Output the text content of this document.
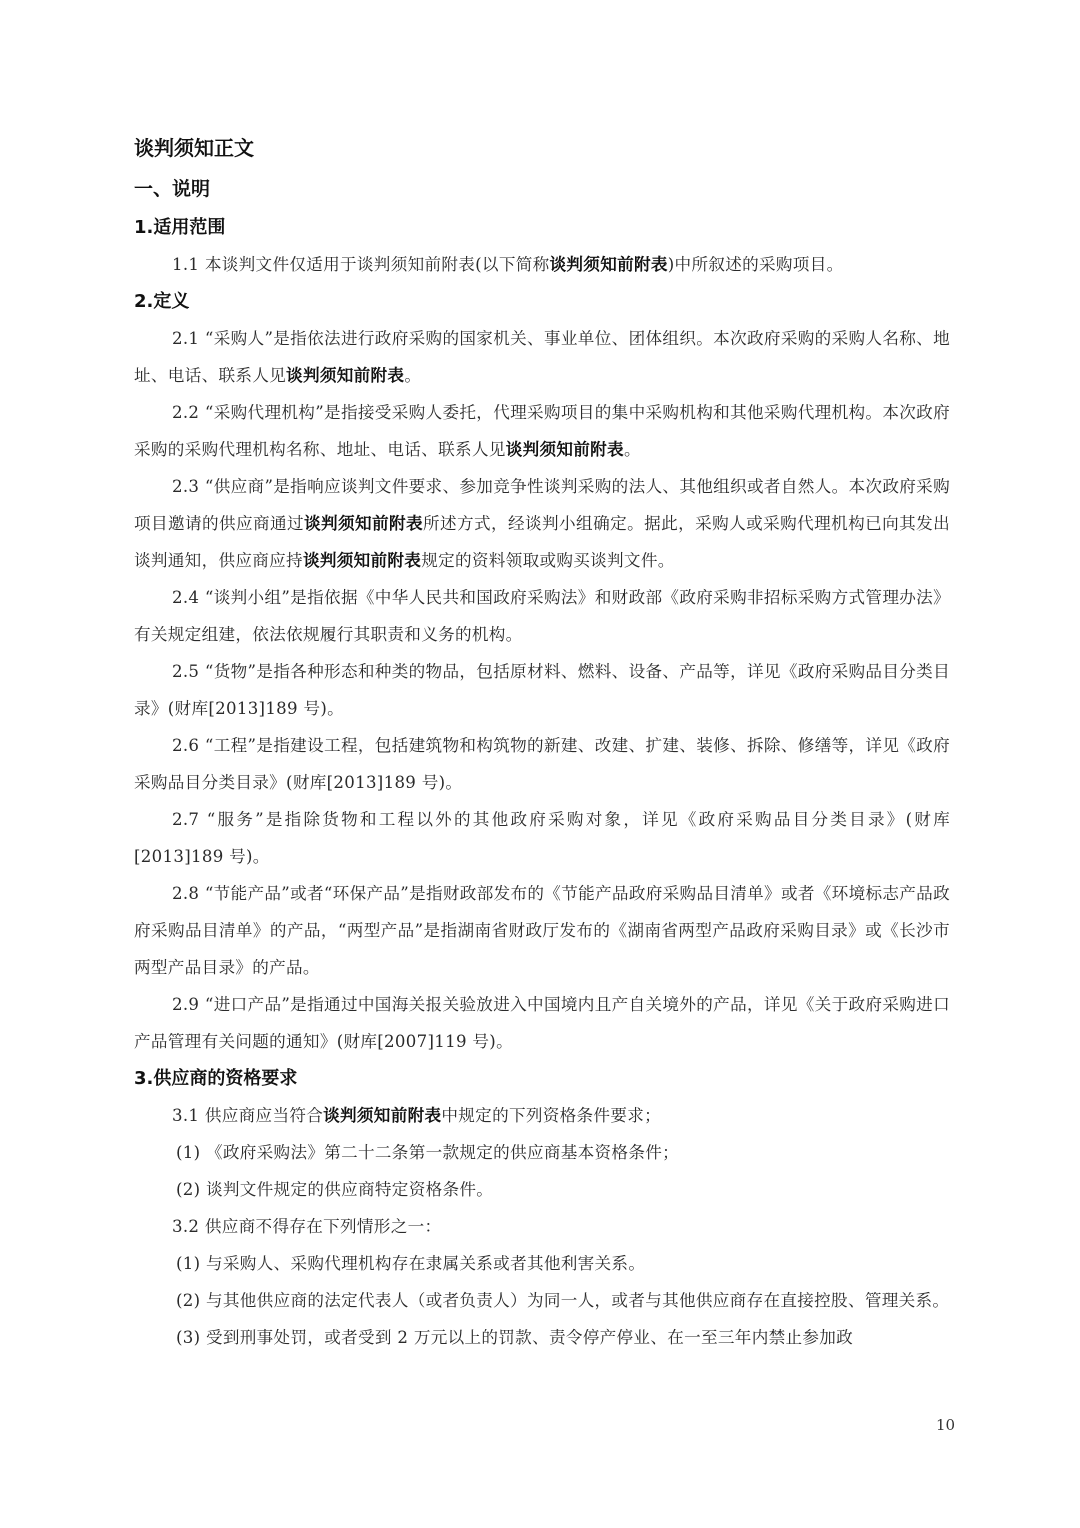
谈判须知正文
一、说明
1.适用范围
1.1 本谈判文件仅适用于谈判须知前附表(以下简称谈判须知前附表)中所叙述的采购项目。
2.定义
2.1 “采购人”是指依法进行政府采购的国家机关、事业单位、团体组织。本次政府采购的采购人名称、地址、电话、联系人见谈判须知前附表。
2.2 “采购代理机构”是指接受采购人委托，代理采购项目的集中采购机构和其他采购代理机构。本次政府采购的采购代理机构名称、地址、电话、联系人见谈判须知前附表。
2.3 “供应商”是指响应谈判文件要求、参加竞争性谈判采购的法人、其他组织或者自然人。本次政府采购项目邀请的供应商通过谈判须知前附表所述方式，经谈判小组确定。据此，采购人或采购代理机构已向其发出谈判通知，供应商应持谈判须知前附表规定的资料领取或购买谈判文件。
2.4 “谈判小组”是指依据《中华人民共和国政府采购法》和财政部《政府采购非招标采购方式管理办法》有关规定组建，依法依规履行其职责和义务的机构。
2.5 “货物”是指各种形态和种类的物品，包括原材料、燃料、设备、产品等，详见《政府采购品目分类目录》(财库[2013]189 号)。
2.6 “工程”是指建设工程，包括建筑物和构筑物的新建、改建、扩建、装修、拆除、修缮等，详见《政府采购品目分类目录》(财库[2013]189 号)。
2.7 “服务”是指除货物和工程以外的其他政府采购对象，详见《政府采购品目分类目录》(财库[2013]189 号)。
2.8 “节能产品”或者“环保产品”是指财政部发布的《节能产品政府采购品目清单》或者《环境标志产品政府采购品目清单》的产品，“两型产品”是指湖南省财政厅发布的《湖南省两型产品政府采购目录》或《长沙市两型产品目录》的产品。
2.9 “进口产品”是指通过中国海关报关验放进入中国境内且产自关境外的产品，详见《关于政府采购进口产品管理有关问题的通知》(财库[2007]119 号)。
3.供应商的资格要求
3.1 供应商应当符合谈判须知前附表中规定的下列资格条件要求；
(1) 《政府采购法》第二十二条第一款规定的供应商基本资格条件；
(2) 谈判文件规定的供应商特定资格条件。
3.2 供应商不得存在下列情形之一：
(1) 与采购人、采购代理机构存在隶属关系或者其他利害关系。
(2) 与其他供应商的法定代表人（或者负责人）为同一人，或者与其他供应商存在直接控股、管理关系。
(3) 受到刑事处罚，或者受到 2 万元以上的罚款、责令停产停业、在一至三年内禁止参加政
10
